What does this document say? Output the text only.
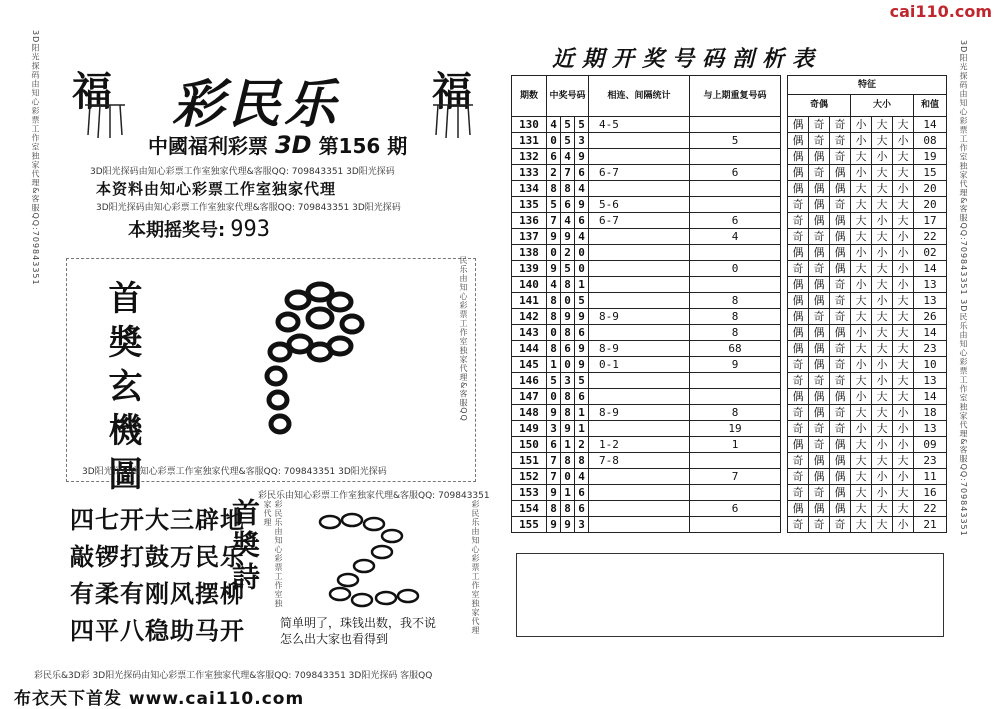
cai110.com
3D阳光探码由知心彩票工作室独家代理&客服QQ:709843351 福 彩民乐 福
中國福利彩票 3D 第156 期
3D阳光探码由知心彩票工作室独家代理&客服QQ: 709843351 3D阳光探码
本资料由知心彩票工作室独家代理
3D阳光探码由知心彩票工作室独家代理&客服QQ: 709843351 3D阳光探码
本期摇奖号: 993
首奬玄機圖
3D阳光探码由知心彩票工作室独家代理&客服QQ: 709843351 3D阳光探码
民乐由知心彩票工作室独家代理&客服QQ
彩民乐由知心彩票工作室独家代理&客服QQ: 709843351
四七开大三辟地
敲锣打鼓万民乐
有柔有刚风摆柳
四平八稳助马开
首奬詩	彩民乐由知心彩票工作室独家代理	彩民乐由知心彩票工作室独家代理
简单明了，珠钱出数，我不说
怎么出大家也看得到
彩民乐&3D彩 3D阳光探码由知心彩票工作室独家代理&客服QQ: 709843351 3D阳光探码 客服QQ
布衣天下首发 www.cai110.com
近期开奖号码剖析表
期数	中奖号码			相连、间隔统计	与上期重复号码		特征						
							奇偶			大小			和值
130	4	5	5	4-5			偶	奇	奇	小	大	大	14
131	0	5	3		5		偶	奇	奇	小	大	小	08
132	6	4	9				偶	偶	奇	大	小	大	19
133	2	7	6	6-7	6		偶	奇	偶	小	大	大	15
134	8	8	4				偶	偶	偶	大	大	小	20
135	5	6	9	5-6			奇	偶	奇	大	大	大	20
136	7	4	6	6-7	6		奇	偶	偶	大	小	大	17
137	9	9	4		4		奇	奇	偶	大	大	小	22
138	0	2	0				偶	偶	偶	小	小	小	02
139	9	5	0		0		奇	奇	偶	大	大	小	14
140	4	8	1				偶	偶	奇	小	大	小	13
141	8	0	5		8		偶	偶	奇	大	小	大	13
142	8	9	9	8-9	8		偶	奇	奇	大	大	大	26
143	0	8	6		8		偶	偶	偶	小	大	大	14
144	8	6	9	8-9	68		偶	偶	奇	大	大	大	23
145	1	0	9	0-1	9		奇	偶	奇	小	小	大	10
146	5	3	5				奇	奇	奇	大	小	大	13
147	0	8	6				偶	偶	偶	小	大	大	14
148	9	8	1	8-9	8		奇	偶	奇	大	大	小	18
149	3	9	1		19		奇	奇	奇	小	大	小	13
150	6	1	2	1-2	1		偶	奇	偶	大	小	小	09
151	7	8	8	7-8			奇	偶	偶	大	大	大	23
152	7	0	4		7		奇	偶	偶	大	小	小	11
153	9	1	6				奇	奇	偶	大	小	大	16
154	8	8	6		6		偶	偶	偶	大	大	大	22
155	9	9	3				奇	奇	奇	大	大	小	21	3D阳光探码由知心彩票工作室独家代理&客服QQ:709843351 3D民乐由知心彩票工作室独家代理&客服QQ:709843351
